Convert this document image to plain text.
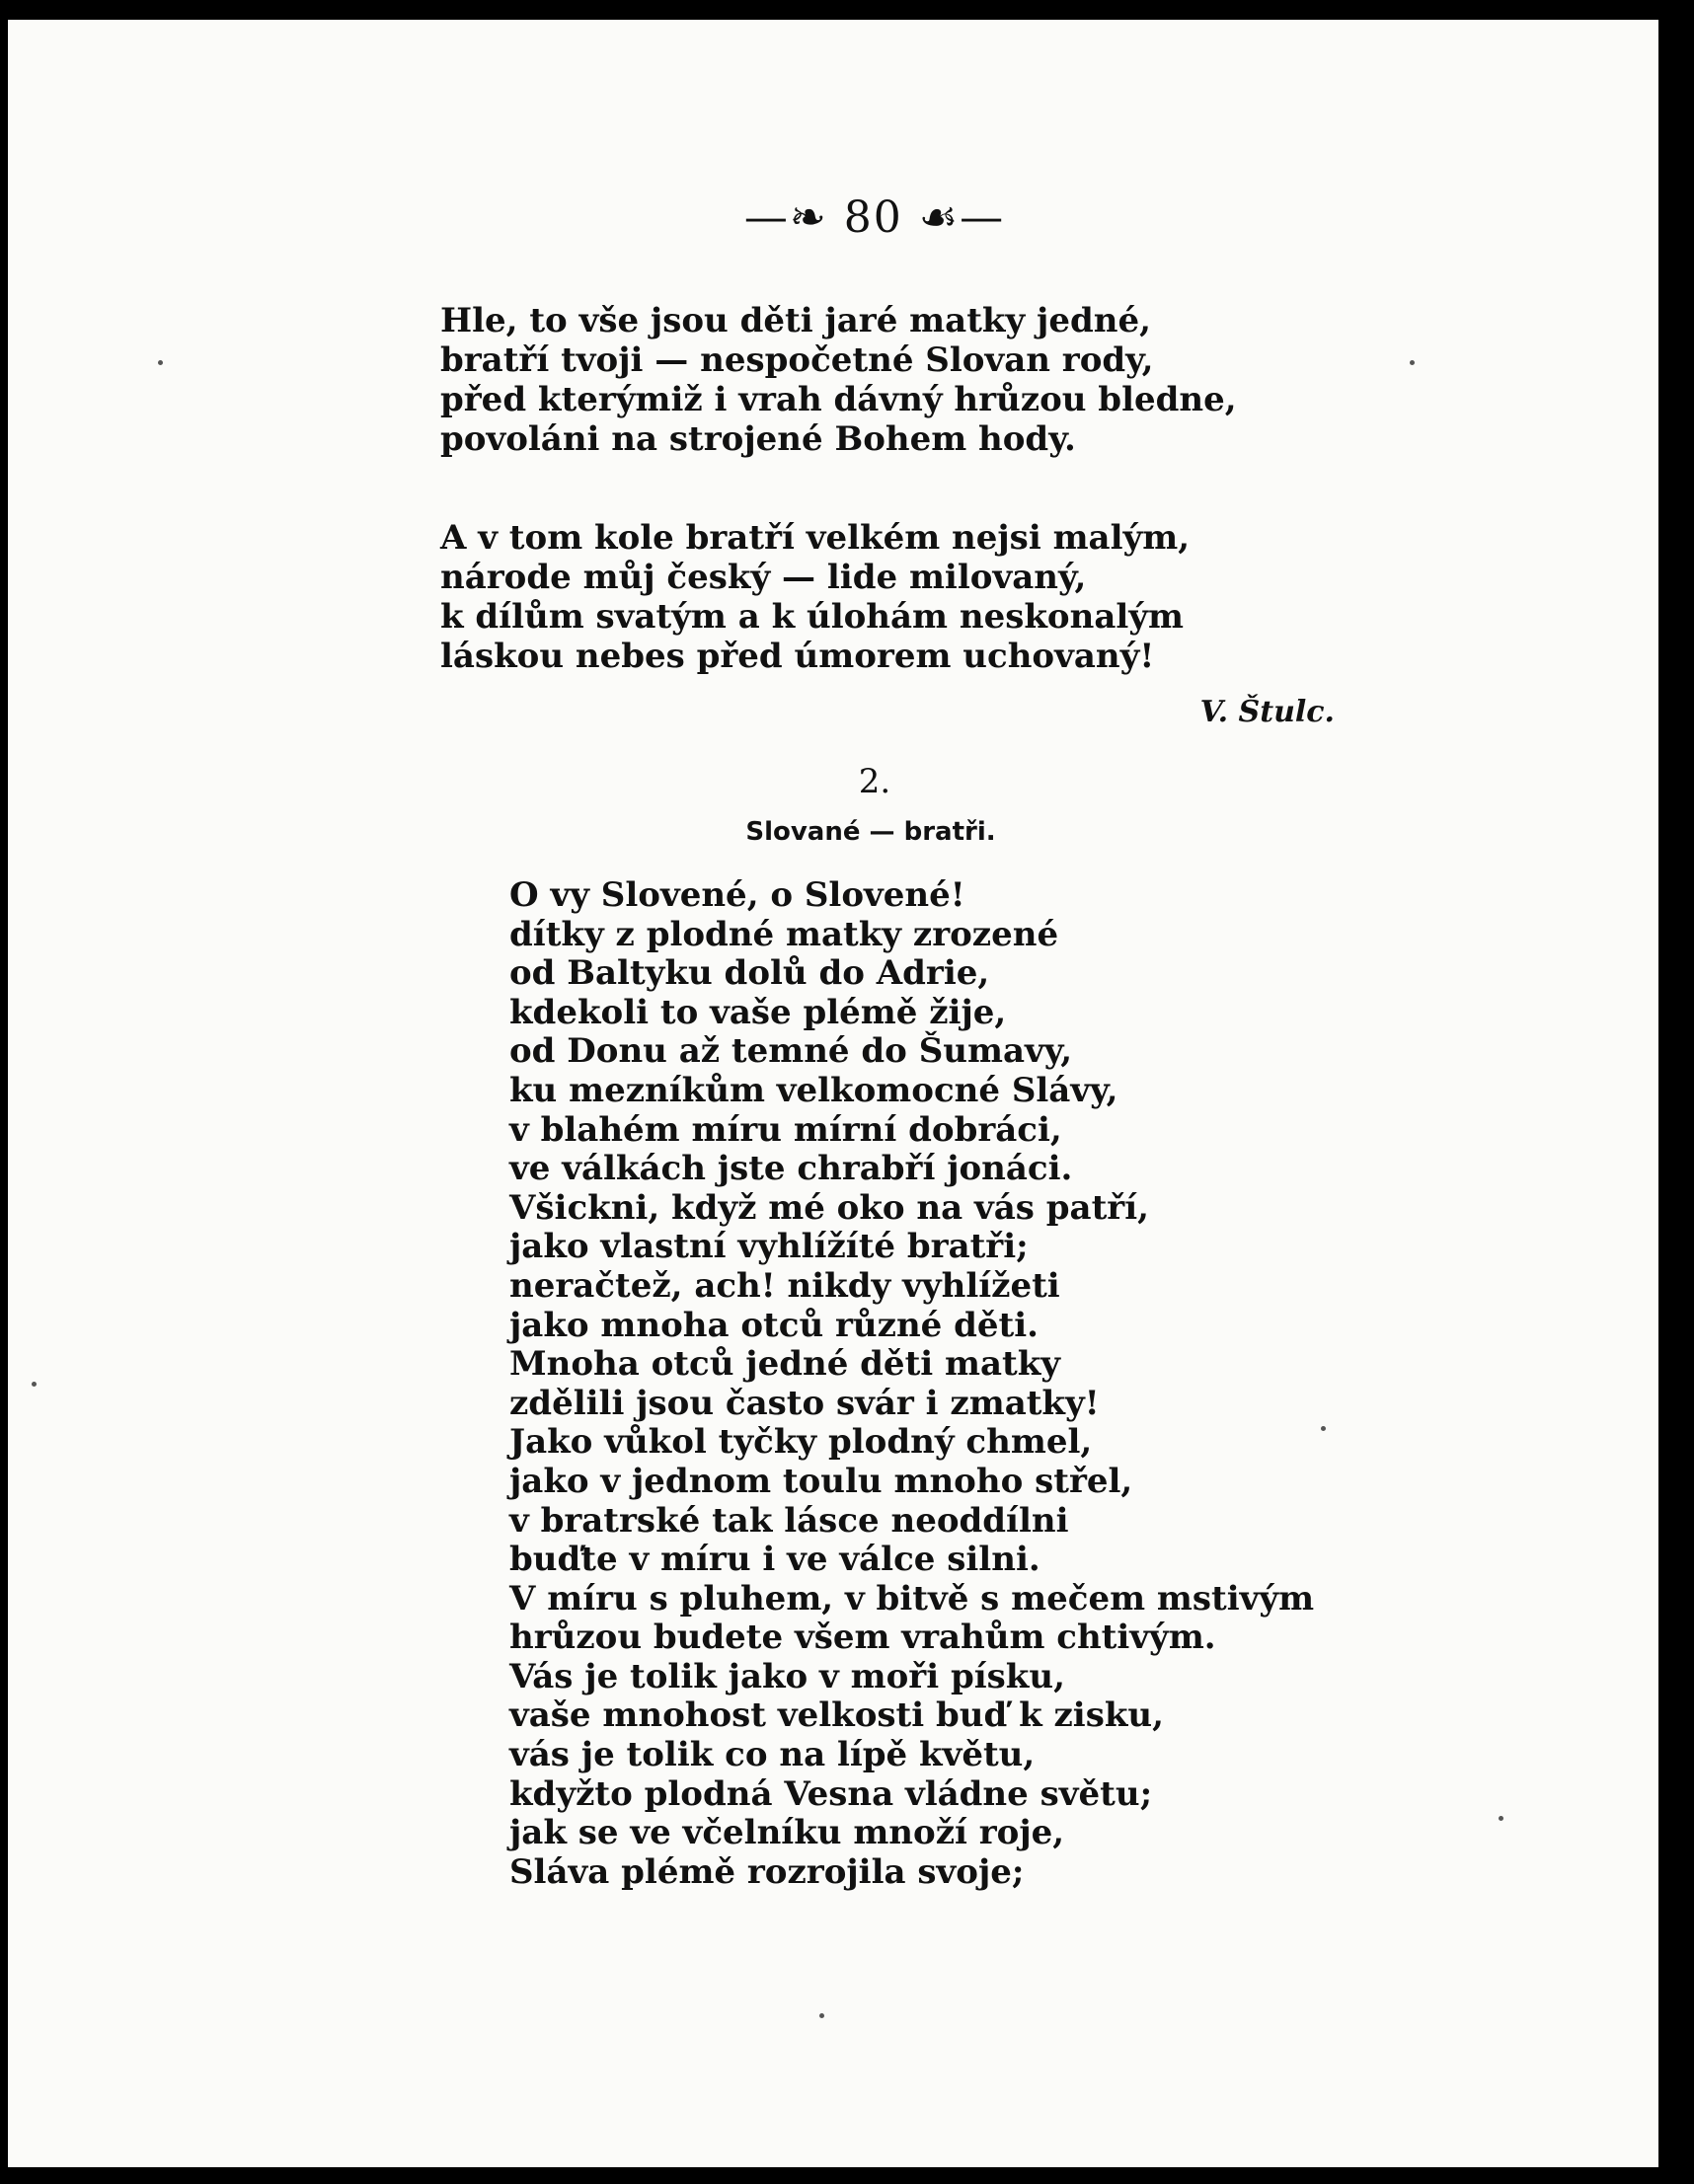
—❧ 80 ☙—
Hle, to vše jsou děti jaré matky jedné,
bratří tvoji — nespočetné Slovan rody,
před kterýmiž i vrah dávný hrůzou bledne,
povoláni na strojené Bohem hody.
A v tom kole bratří velkém nejsi malým,
národe můj český — lide milovaný,
k dílům svatým a k úlohám neskonalým
láskou nebes před úmorem uchovaný!
V. Štulc.
2.
Slované — bratři.
O vy Slovené, o Slovené!
dítky z plodné matky zrozené
od Baltyku dolů do Adrie,
kdekoli to vaše plémě žije,
od Donu až temné do Šumavy,
ku mezníkům velkomocné Slávy,
v blahém míru mírní dobráci,
ve válkách jste chrabří jonáci.
Všickni, když mé oko na vás patří,
jako vlastní vyhlížíté bratři;
neračtež, ach! nikdy vyhlížeti
jako mnoha otců různé děti.
Mnoha otců jedné děti matky
zdělili jsou často svár i zmatky!
Jako vůkol tyčky plodný chmel,
jako v jednom toulu mnoho střel,
v bratrské tak lásce neoddílni
buďte v míru i ve válce silni.
V míru s pluhem, v bitvě s mečem mstivým
hrůzou budete všem vrahům chtivým.
Vás je tolik jako v moři písku,
vaše mnohost velkosti buď k zisku,
vás je tolik co na lípě květu,
kdyžto plodná Vesna vládne světu;
jak se ve včelníku množí roje,
Sláva plémě rozrojila svoje;
